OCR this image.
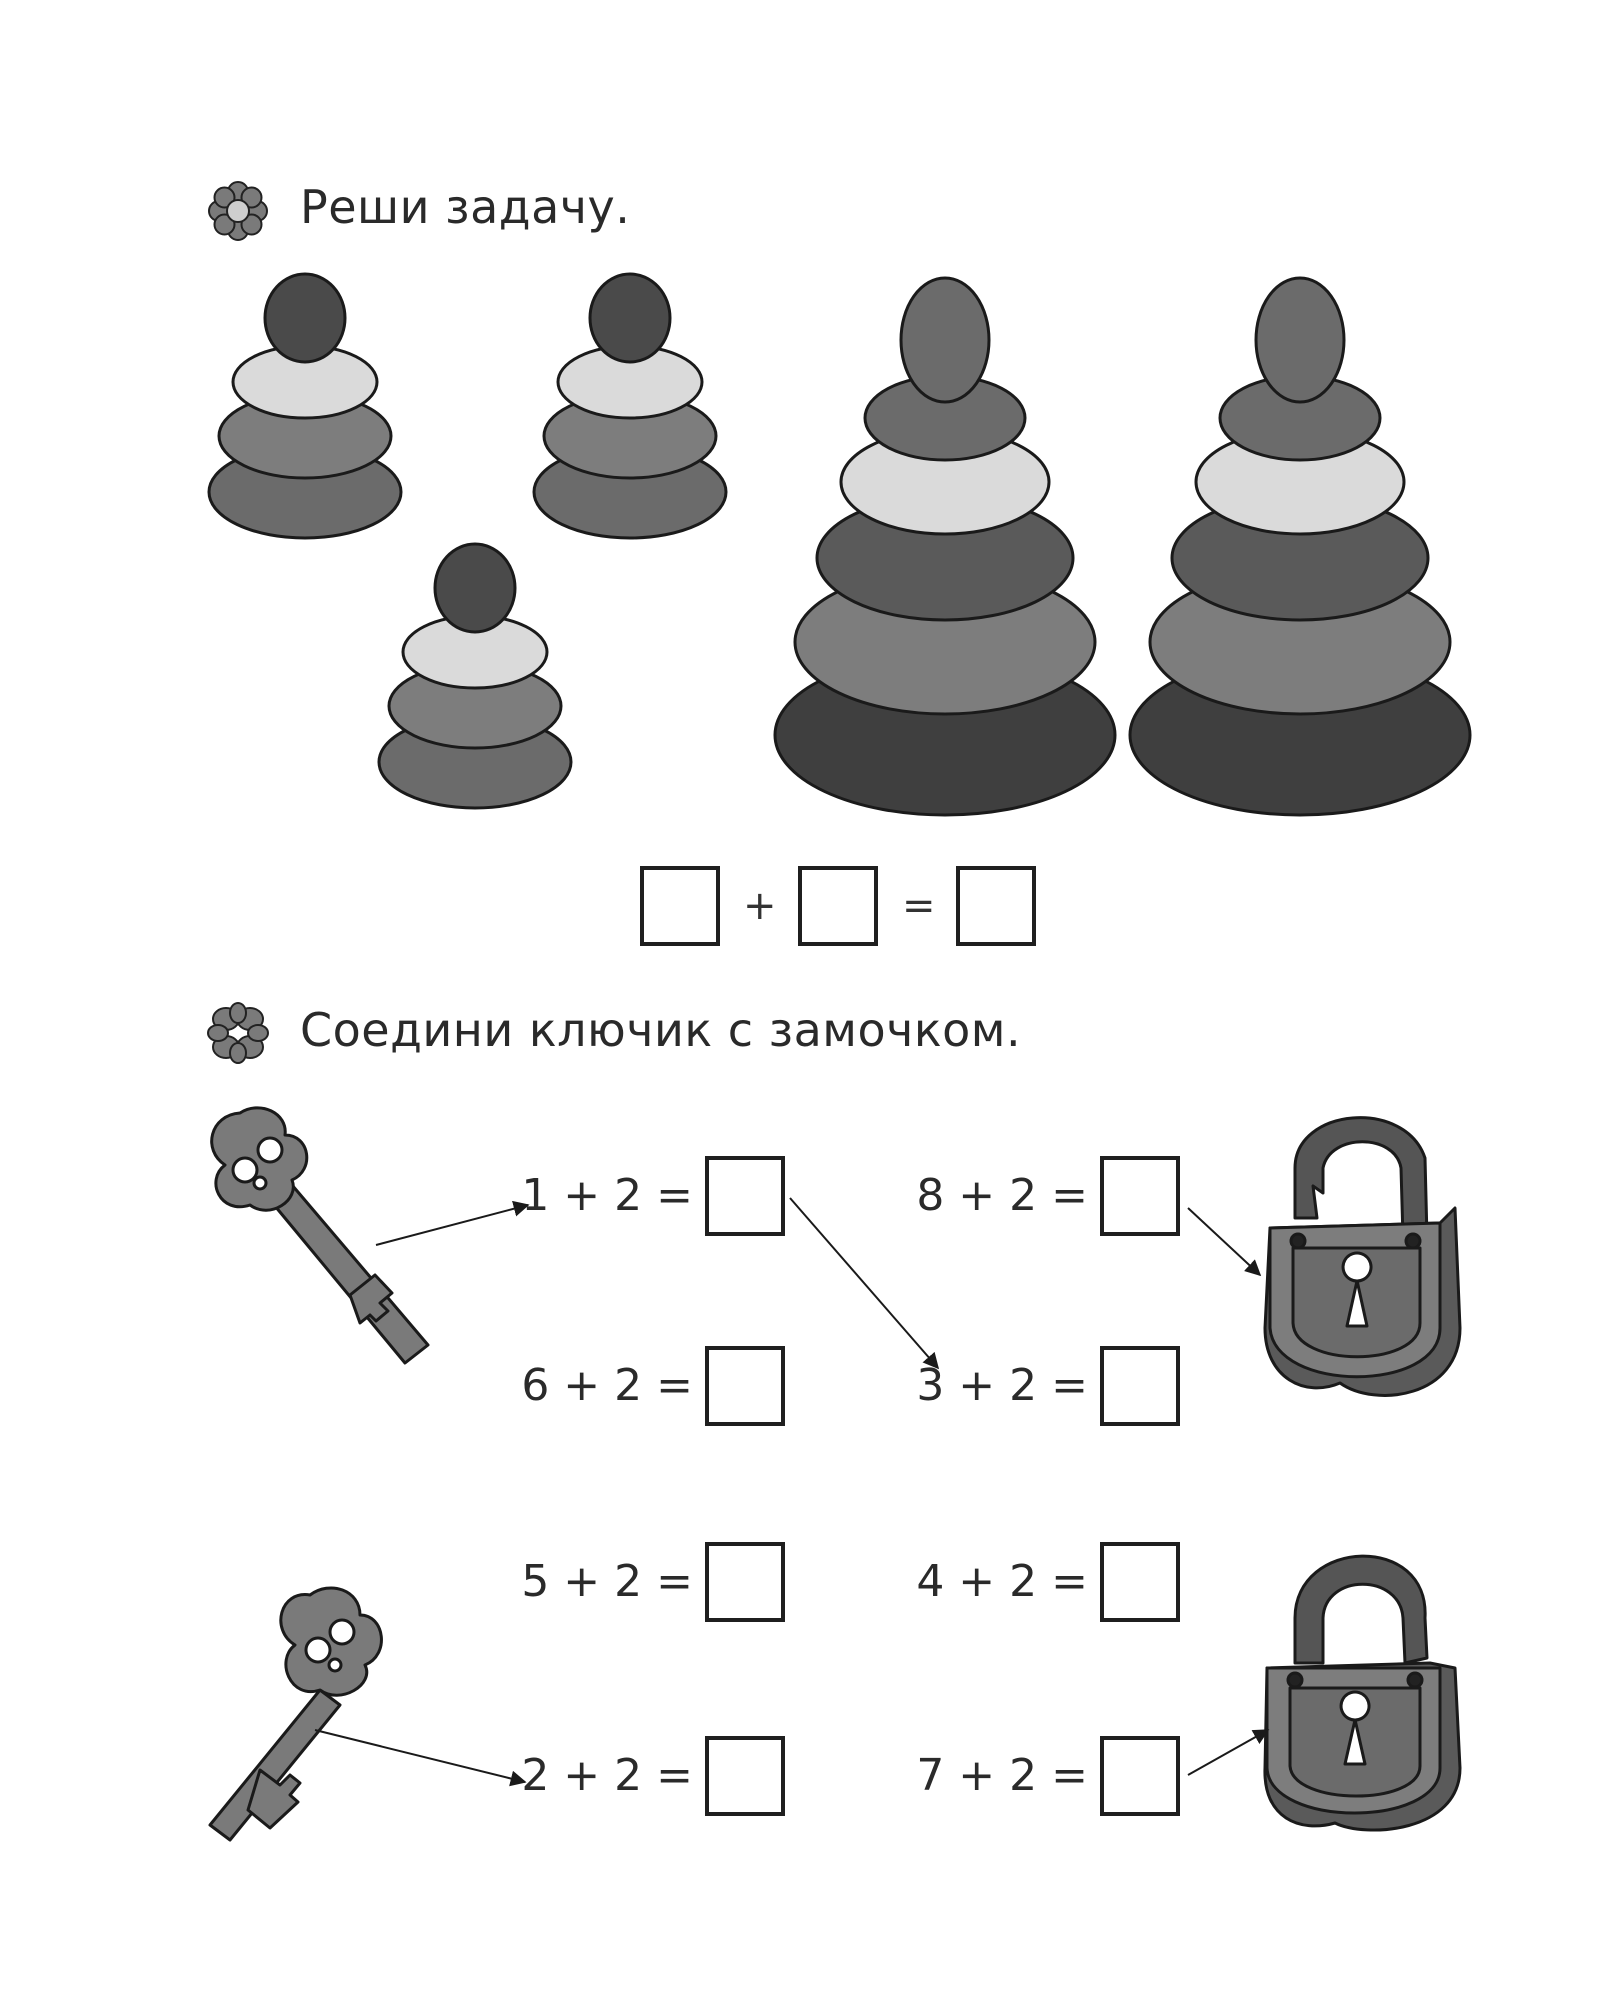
Реши задачу.
+	=
Соедини ключик с замочком.
1 + 2 =
6 + 2 =
5 + 2 =
2 + 2 =
8 + 2 =
3 + 2 =
4 + 2 =
7 + 2 =
